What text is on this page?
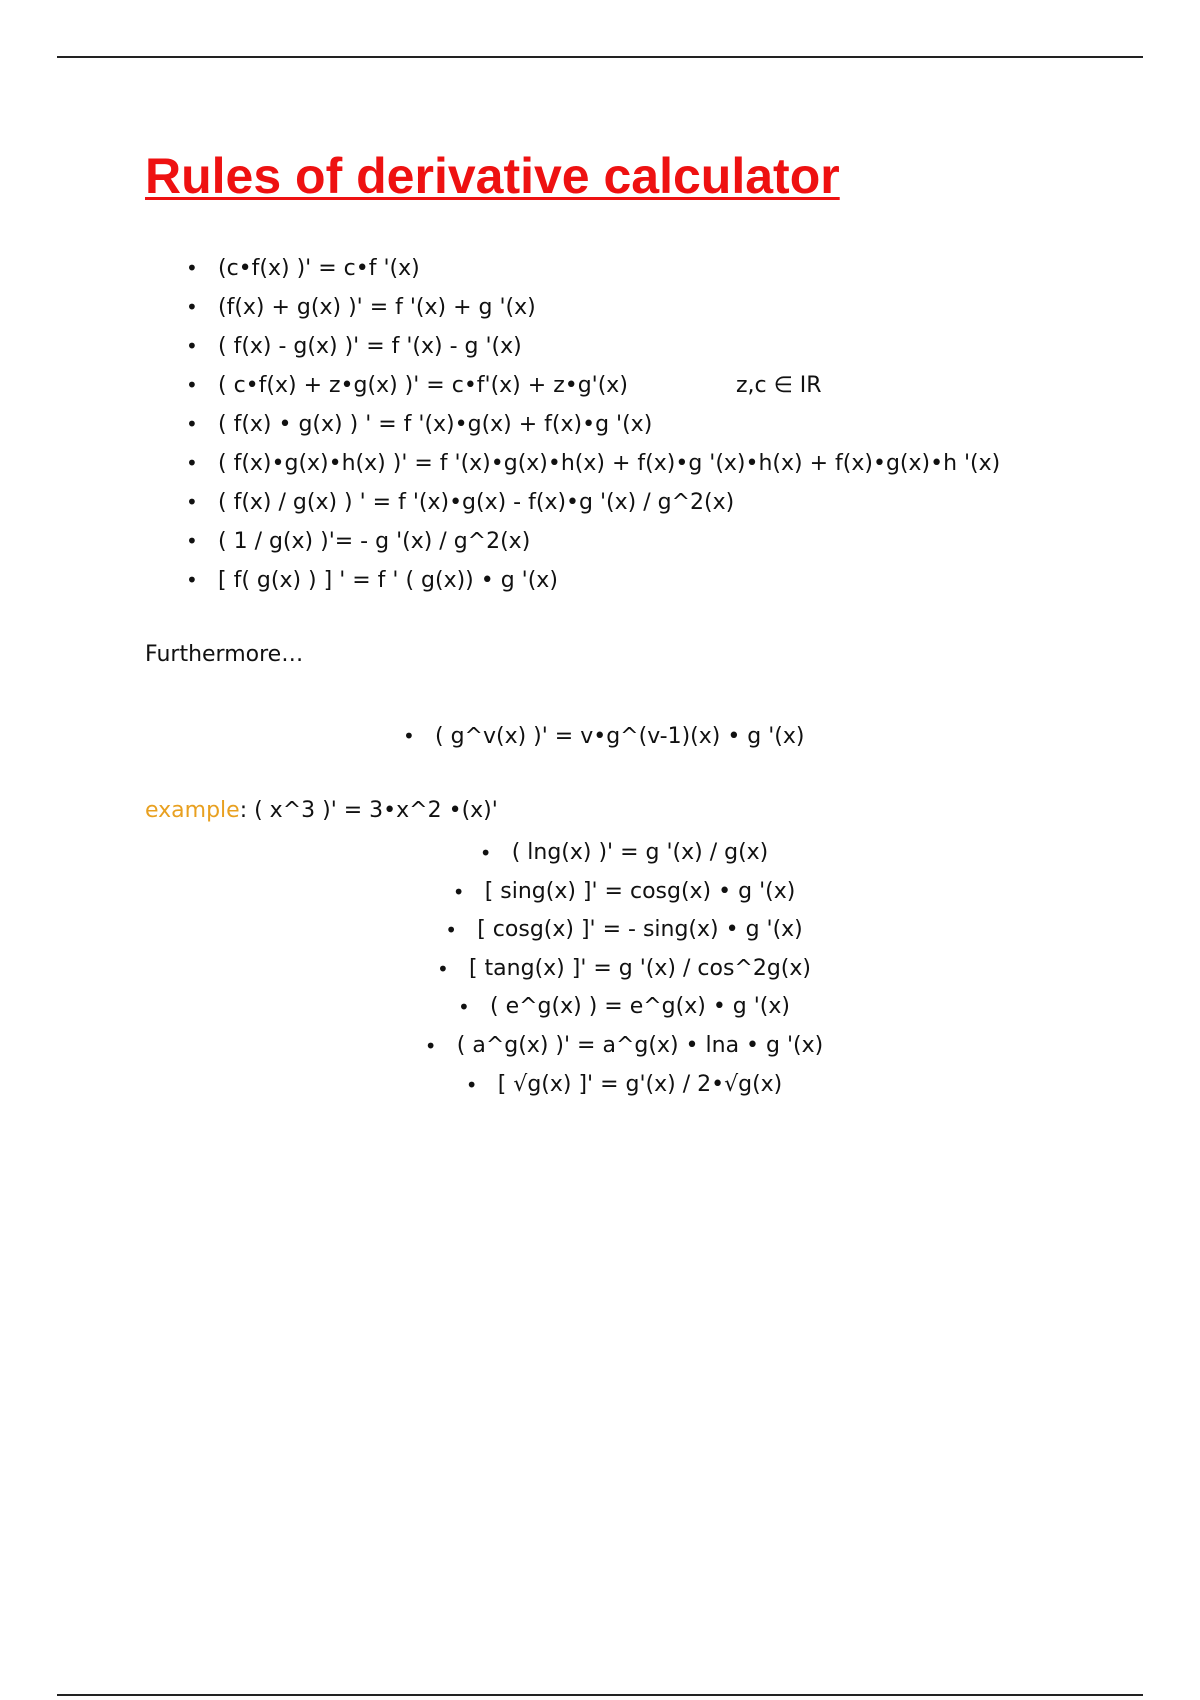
Rules of derivative calculator
• (c•f(x) )' = c•f '(x)
• (f(x) + g(x) )' = f '(x) + g '(x)
• ( f(x) - g(x) )' = f '(x) - g '(x)
• ( c•f(x) + z•g(x) )' = c•f'(x) + z•g'(x)	z,c ∈ IR
• ( f(x) • g(x) ) ' = f '(x)•g(x) + f(x)•g '(x)
• ( f(x)•g(x)•h(x) )' = f '(x)•g(x)•h(x) + f(x)•g '(x)•h(x) + f(x)•g(x)•h '(x)
• ( f(x) / g(x) ) ' = f '(x)•g(x) - f(x)•g '(x) / g^2(x)
• ( 1 / g(x) )'= - g '(x) / g^2(x)
• [ f( g(x) ) ] ' = f ' ( g(x)) • g '(x)
Furthermore…
• ( g^v(x) )' = v•g^(v-1)(x) • g '(x)
example: ( x^3 )' = 3•x^2 •(x)'
• ( lng(x) )' = g '(x) / g(x)
• [ sing(x) ]' = cosg(x) • g '(x)
• [ cosg(x) ]' = - sing(x) • g '(x)
• [ tang(x) ]' = g '(x) / cos^2g(x)
• ( e^g(x) ) = e^g(x) • g '(x)
• ( a^g(x) )' = a^g(x) • lna • g '(x)
• [ √g(x) ]' = g'(x) / 2•√g(x)
